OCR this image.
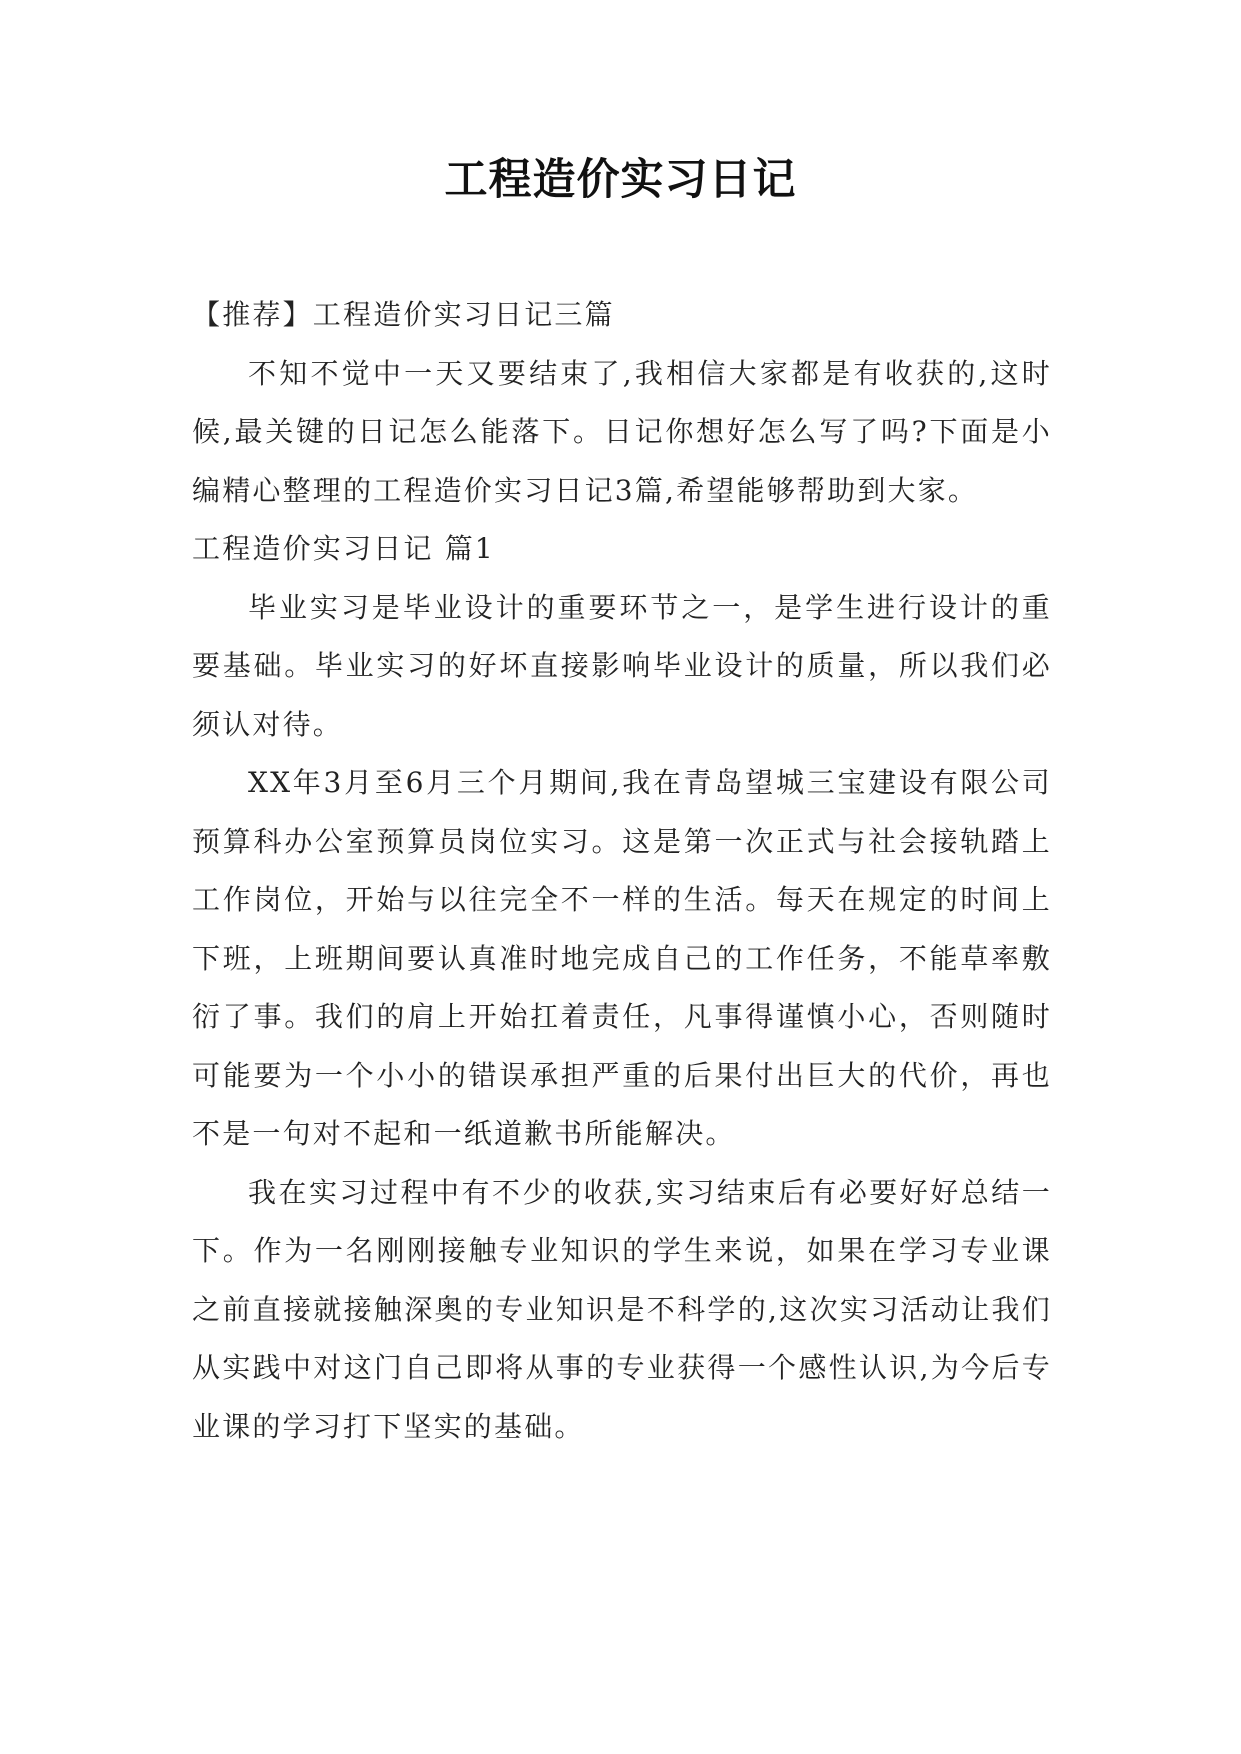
工程造价实习日记

【推荐】工程造价实习日记三篇

不知不觉中一天又要结束了,我相信大家都是有收获的,这时候,最关键的日记怎么能落下。日记你想好怎么写了吗?下面是小编精心整理的工程造价实习日记3篇,希望能够帮助到大家。

工程造价实习日记 篇1

毕业实习是毕业设计的重要环节之一，是学生进行设计的重要基础。毕业实习的好坏直接影响毕业设计的质量，所以我们必须认对待。

XX年3月至6月三个月期间,我在青岛望城三宝建设有限公司预算科办公室预算员岗位实习。这是第一次正式与社会接轨踏上工作岗位，开始与以往完全不一样的生活。每天在规定的时间上下班，上班期间要认真准时地完成自己的工作任务，不能草率敷衍了事。我们的肩上开始扛着责任，凡事得谨慎小心，否则随时可能要为一个小小的错误承担严重的后果付出巨大的代价，再也不是一句对不起和一纸道歉书所能解决。

我在实习过程中有不少的收获,实习结束后有必要好好总结一下。作为一名刚刚接触专业知识的学生来说，如果在学习专业课之前直接就接触深奥的专业知识是不科学的,这次实习活动让我们从实践中对这门自己即将从事的专业获得一个感性认识,为今后专业课的学习打下坚实的基础。
